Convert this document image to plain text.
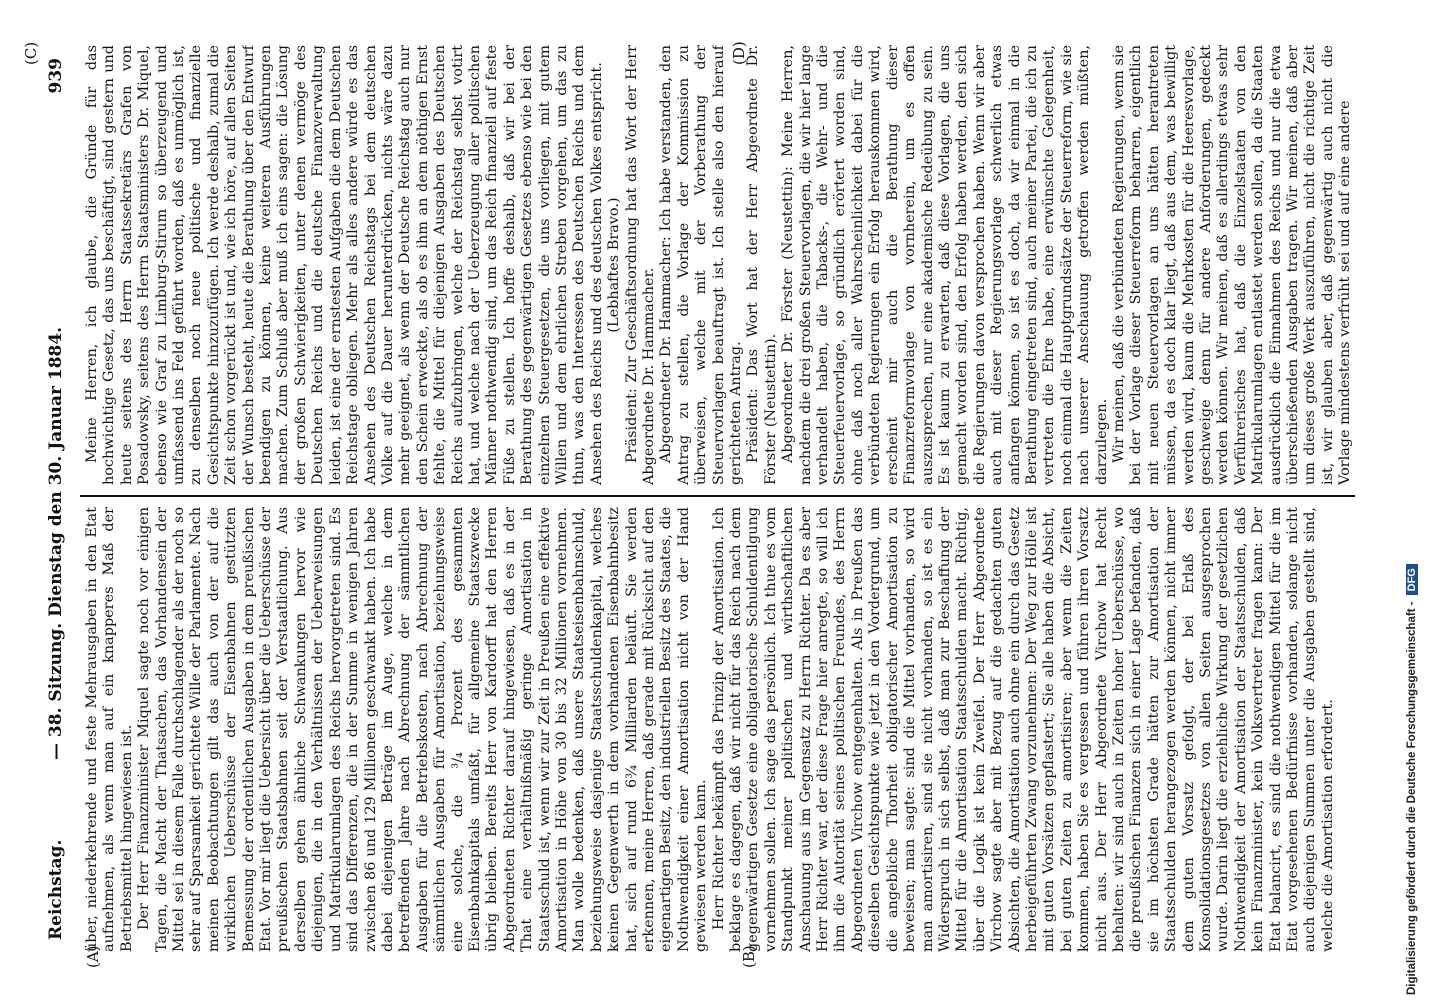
Reichstag.
— 38. Sitzung. Dienstag den 30. Januar 1884.
939
(A)	(B)
(C)	(D)

über, niederkehrende und feste Mehrausgaben in den Etat aufnehmen, als wenn man auf ein knapperes Maß der Betriebsmittel hingewiesen ist. Der Herr Finanzminister Miquel sagte noch vor einigen Tagen, die Macht der Thatsachen, das Vorhandensein der Mittel sei in diesem Falle durchschlagender als der noch so sehr auf Sparsamkeit gerichtete Wille der Parlamente. Nach meinen Beobachtungen gilt das auch von der auf die wirklichen Ueberschüsse der Eisenbahnen gestützten Bemessung der ordentlichen Ausgaben in dem preußischen Etat. Vor mir liegt die Uebersicht über die Ueberschüsse der preußischen Staatsbahnen seit der Verstaatlichung. Aus derselben gehen ähnliche Schwankungen hervor wie diejenigen, die in den Verhältnissen der Ueberweisungen und Matrikularumlagen des Reichs hervorgetreten sind. Es sind das Differenzen, die in der Summe in wenigen Jahren zwischen 86 und 129 Millionen geschwankt haben. Ich habe dabei diejenigen Beträge im Auge, welche in dem betreffenden Jahre nach Abrechnung der sämmtlichen Ausgaben für die Betriebskosten, nach Abrechnung der sämmtlichen Ausgaben für Amortisation, beziehungsweise eine solche, die ³/₄ Prozent des gesammten Eisenbahnkapitals umfaßt, für allgemeine Staatszwecke übrig bleiben. Bereits Herr von Kardorff hat den Herren Abgeordneten Richter darauf hingewiesen, daß es in der That eine verhältnißmäßig geringe Amortisation in Staatsschuld ist, wenn wir zur Zeit in Preußen eine effektive Amortisation in Höhe von 30 bis 32 Millionen vornehmen. Man wolle bedenken, daß unsere Staatseisenbahnschuld, beziehungsweise dasjenige Staatsschuldenkapital, welches keinen Gegenwerth in dem vorhandenen Eisenbahnbesitz hat, sich auf rund 6¾ Milliarden beläuft. Sie werden erkennen, meine Herren, daß gerade mit Rücksicht auf den eigenartigen Besitz, den industriellen Besitz des Staates, die Nothwendigkeit einer Amortisation nicht von der Hand gewiesen werden kann. Herr Richter bekämpft das Prinzip der Amortisation. Ich beklage es dagegen, daß wir nicht für das Reich nach dem gegenwärtigen Gesetze eine obligatorische Schuldentilgung vornehmen sollen. Ich sage das persönlich. Ich thue es vom Standpunkt meiner politischen und wirthschaftlichen Anschauung aus im Gegensatz zu Herrn Richter. Da es aber Herr Richter war, der diese Frage hier anregte, so will ich ihm die Autorität seines politischen Freundes, des Herrn Abgeordneten Virchow entgegenhalten. Als in Preußen das dieselben Gesichtspunkte wie jetzt in den Vordergrund, um die angebliche Thorheit obligatorischer Amortisation zu beweisen; man sagte: sind die Mittel vorhanden, so wird man amortisiren, sind sie nicht vorhanden, so ist es ein Widerspruch in sich selbst, daß man zur Beschaffung der Mittel für die Amortisation Staatsschulden macht. Richtig, über die Logik ist kein Zweifel. Der Herr Abgeordnete Virchow sagte aber mit Bezug auf die gedachten guten Absichten, die Amortisation auch ohne ein durch das Gesetz herbeigeführten Zwang vorzunehmen: Der Weg zur Hölle ist mit guten Vorsätzen gepflastert; Sie alle haben die Absicht, bei guten Zeiten zu amortisiren; aber wenn die Zeiten kommen, haben Sie es vergessen und führen ihren Vorsatz nicht aus. Der Herr Abgeordnete Virchow hat Recht behalten: wir sind auch in Zeiten hoher Ueberschüsse, wo die preußischen Finanzen sich in einer Lage befanden, daß sie im höchsten Grade hätten zur Amortisation der Staatsschulden herangezogen werden können, nicht immer dem guten Vorsatz gefolgt, der bei Erlaß des Konsolidationsgesetzes von allen Seiten ausgesprochen wurde. Darin liegt die erziehliche Wirkung der gesetzlichen Nothwendigkeit der Amortisation der Staatsschulden, daß kein Finanzminister, kein Volksvertreter fragen kann: Der Etat balancirt, es sind die nothwendigen Mittel für die im Etat vorgesehenen Bedürfnisse vorhanden, solange nicht auch diejenigen Summen unter die Ausgaben gestellt sind, welche die Amortisation erfordert.

Meine Herren, ich glaube, die Gründe für das hochwichtige Gesetz, das uns beschäftigt, sind gestern und heute seitens des Herrn Staatssekretärs Grafen von Posadowsky, seitens des Herrn Staatsministers Dr. Miquel, ebenso wie Graf zu Limburg-Stirum so überzeugend und umfassend ins Feld geführt worden, daß es unmöglich ist, zu denselben noch neue politische und finanzielle Gesichtspunkte hinzuzufügen. Ich werde deshalb, zumal die Zeit schon vorgerückt ist und, wie ich höre, auf allen Seiten der Wunsch besteht, heute die Berathung über den Entwurf beendigen zu können, keine weiteren Ausführungen machen. Zum Schluß aber muß ich eins sagen: die Lösung der großen Schwierigkeiten, unter denen vermöge des Deutschen Reichs und die deutsche Finanzverwaltung leiden, ist eine der ernstesten Aufgaben die dem Deutschen Reichstage obliegen. Mehr als alles andere würde es das Ansehen des Deutschen Reichstags bei dem deutschen Volke auf die Dauer herunterdrücken, nichts wäre dazu mehr geeignet, als wenn der Deutsche Reichstag auch nur den Schein erweckte, als ob es ihm an dem nöthigen Ernst fehlte, die Mittel für diejenigen Ausgaben des Deutschen Reichs aufzubringen, welche der Reichstag selbst votirt hat, und welche nach der Ueberzeugung aller politischen Männer nothwendig sind, um das Reich finanziell auf feste Füße zu stellen. Ich hoffe deshalb, daß wir bei der Berathung des gegenwärtigen Gesetzes ebenso wie bei den einzelnen Steuergesetzen, die uns vorliegen, mit gutem Willen und dem ehrlichen Streben vorgehen, um das zu thun, was den Interessen des Deutschen Reichs und dem Ansehen des Reichs und des deutschen Volkes entspricht. (Lebhaftes Bravo.) Präsident: Zur Geschäftsordnung hat das Wort der Herr Abgeordnete Dr. Hammacher. Abgeordneter Dr. Hammacher: Ich habe verstanden, den Antrag zu stellen, die Vorlage der Kommission zu überweisen, welche mit der Vorberathung der Steuervorlagen beauftragt ist. Ich stelle also den hierauf gerichteten Antrag. Präsident: Das Wort hat der Herr Abgeordnete Dr. Förster (Neustettin). Abgeordneter Dr. Förster (Neustettin): Meine Herren, nachdem die drei großen Steuervorlagen, die wir hier lange verhandelt haben, die Tabacks-, die Wehr- und die Steuerfeuervorlage, so gründlich erörtert worden sind, ohne daß noch aller Wahrscheinlichkeit dabei für die verbündeten Regierungen ein Erfolg herauskommen wird, erscheint mir auch die Berathung dieser Finanzreformvorlage von vornherein, um es offen auszusprechen, nur eine akademische Redeübung zu sein. Es ist kaum zu erwarten, daß diese Vorlagen, die uns gemacht worden sind, den Erfolg haben werden, den sich die Regierungen davon versprochen haben. Wenn wir aber auch mit dieser Regierungsvorlage schwerlich etwas anfangen können, so ist es doch, da wir einmal in die Berathung eingetreten sind, auch meiner Partei, die ich zu vertreten die Ehre habe, eine erwünschte Gelegenheit, noch einmal die Hauptgrundsätze der Steuerreform, wie sie nach unserer Anschauung getroffen werden müßten, darzulegen. Wir meinen, daß die verbündeten Regierungen, wenn sie bei der Vorlage dieser Steuerreform beharren, eigentlich mit neuen Steuervorlagen an uns hätten herantreten müssen, da es doch klar liegt, daß aus dem, was bewilligt werden wird, kaum die Mehrkosten für die Heeresvorlage, geschweige denn für andere Anforderungen, gedeckt werden können. Wir meinen, daß es allerdings etwas sehr Verführerisches hat, daß die Einzelstaaten von den Matrikularumlagen entlastet werden sollen, da die Staaten ausdrücklich die Einnahmen des Reichs und nur die etwa überschießenden Ausgaben tragen. Wir meinen, daß aber um dieses große Werk auszuführen, nicht die richtige Zeit ist, wir glauben aber, daß gegenwärtig auch nicht die Vorlage mindestens verfrüht sei und auf eine andere

Digitalisierung gefördert durch die Deutsche Forschungsgemeinschaft -DFG
